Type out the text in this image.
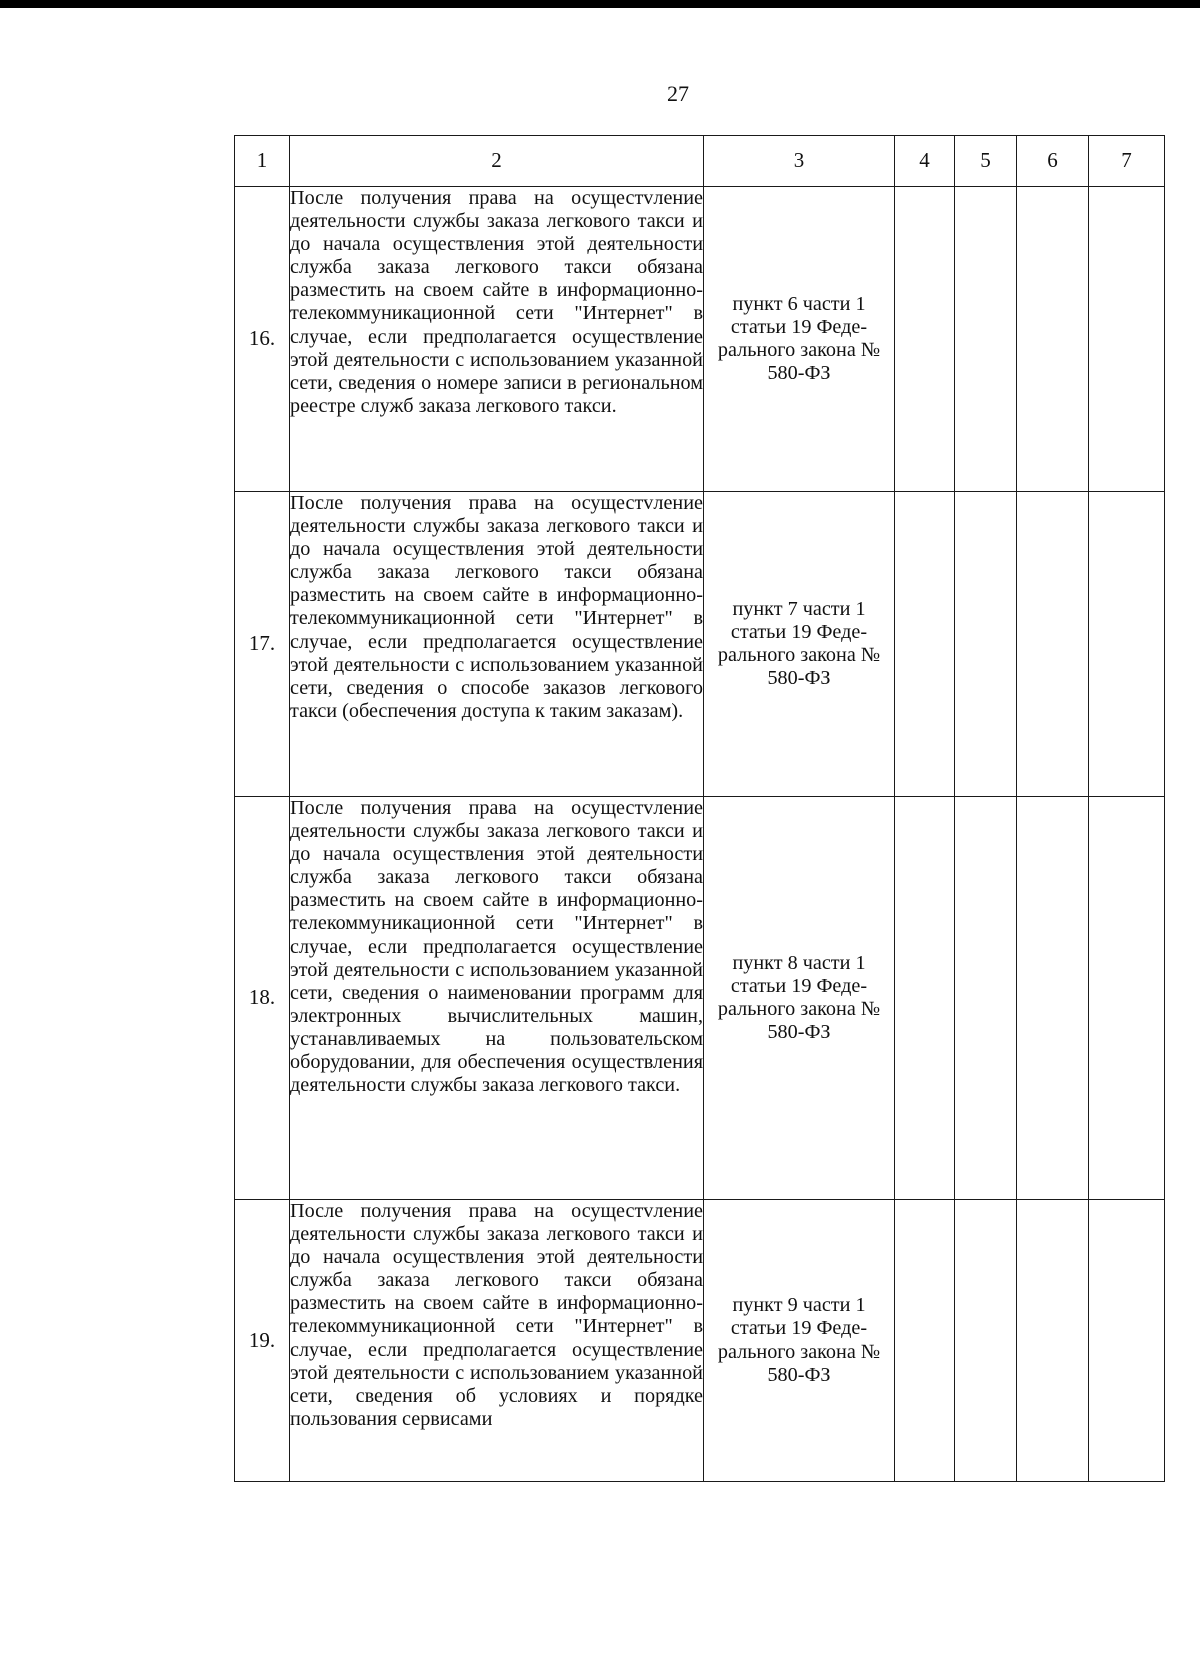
27
1	2	3	4	5	6	7
16.	После получения права на осущестvление деятельности службы заказа легкового такси и до начала осуществления этой деятельности служба заказа легкового такси обязана разместить на своем сайте в информационно-телекоммуникационной сети "Интернет" в случае, если предполагается осуществление этой деятельности с использованием указанной сети, сведения о номере записи в региональном реестре служб заказа легкового такси.	пункт 6 части 1 статьи 19 Федерального закона № 580-ФЗ				
17.	После получения права на осущестvление деятельности службы заказа легкового такси и до начала осуществления этой деятельности служба заказа легкового такси обязана разместить на своем сайте в информационно-телекоммуникационной сети "Интернет" в случае, если предполагается осуществление этой деятельности с использованием указанной сети, сведения о способе заказов легкового такси (обеспечения доступа к таким заказам).	пункт 7 части 1 статьи 19 Федерального закона № 580-ФЗ				
18.	После получения права на осущестvление деятельности службы заказа легкового такси и до начала осуществления этой деятельности служба заказа легкового такси обязана разместить на своем сайте в информационно-телекоммуникационной сети "Интернет" в случае, если предполагается осуществление этой деятельности с использованием указанной сети, сведения о наименовании программ для электронных вычислительных машин, устанавливаемых на пользовательском оборудовании, для обеспечения осуществления деятельности службы заказа легкового такси.	пункт 8 части 1 статьи 19 Федерального закона № 580-ФЗ				
19.	После получения права на осущестvление деятельности службы заказа легкового такси и до начала осуществления этой деятельности служба заказа легкового такси обязана разместить на своем сайте в информационно-телекоммуникационной сети "Интернет" в случае, если предполагается осуществление этой деятельности с использованием указанной сети, сведения об условиях и порядке пользования сервисами	пункт 9 части 1 статьи 19 Федерального закона № 580-ФЗ				
